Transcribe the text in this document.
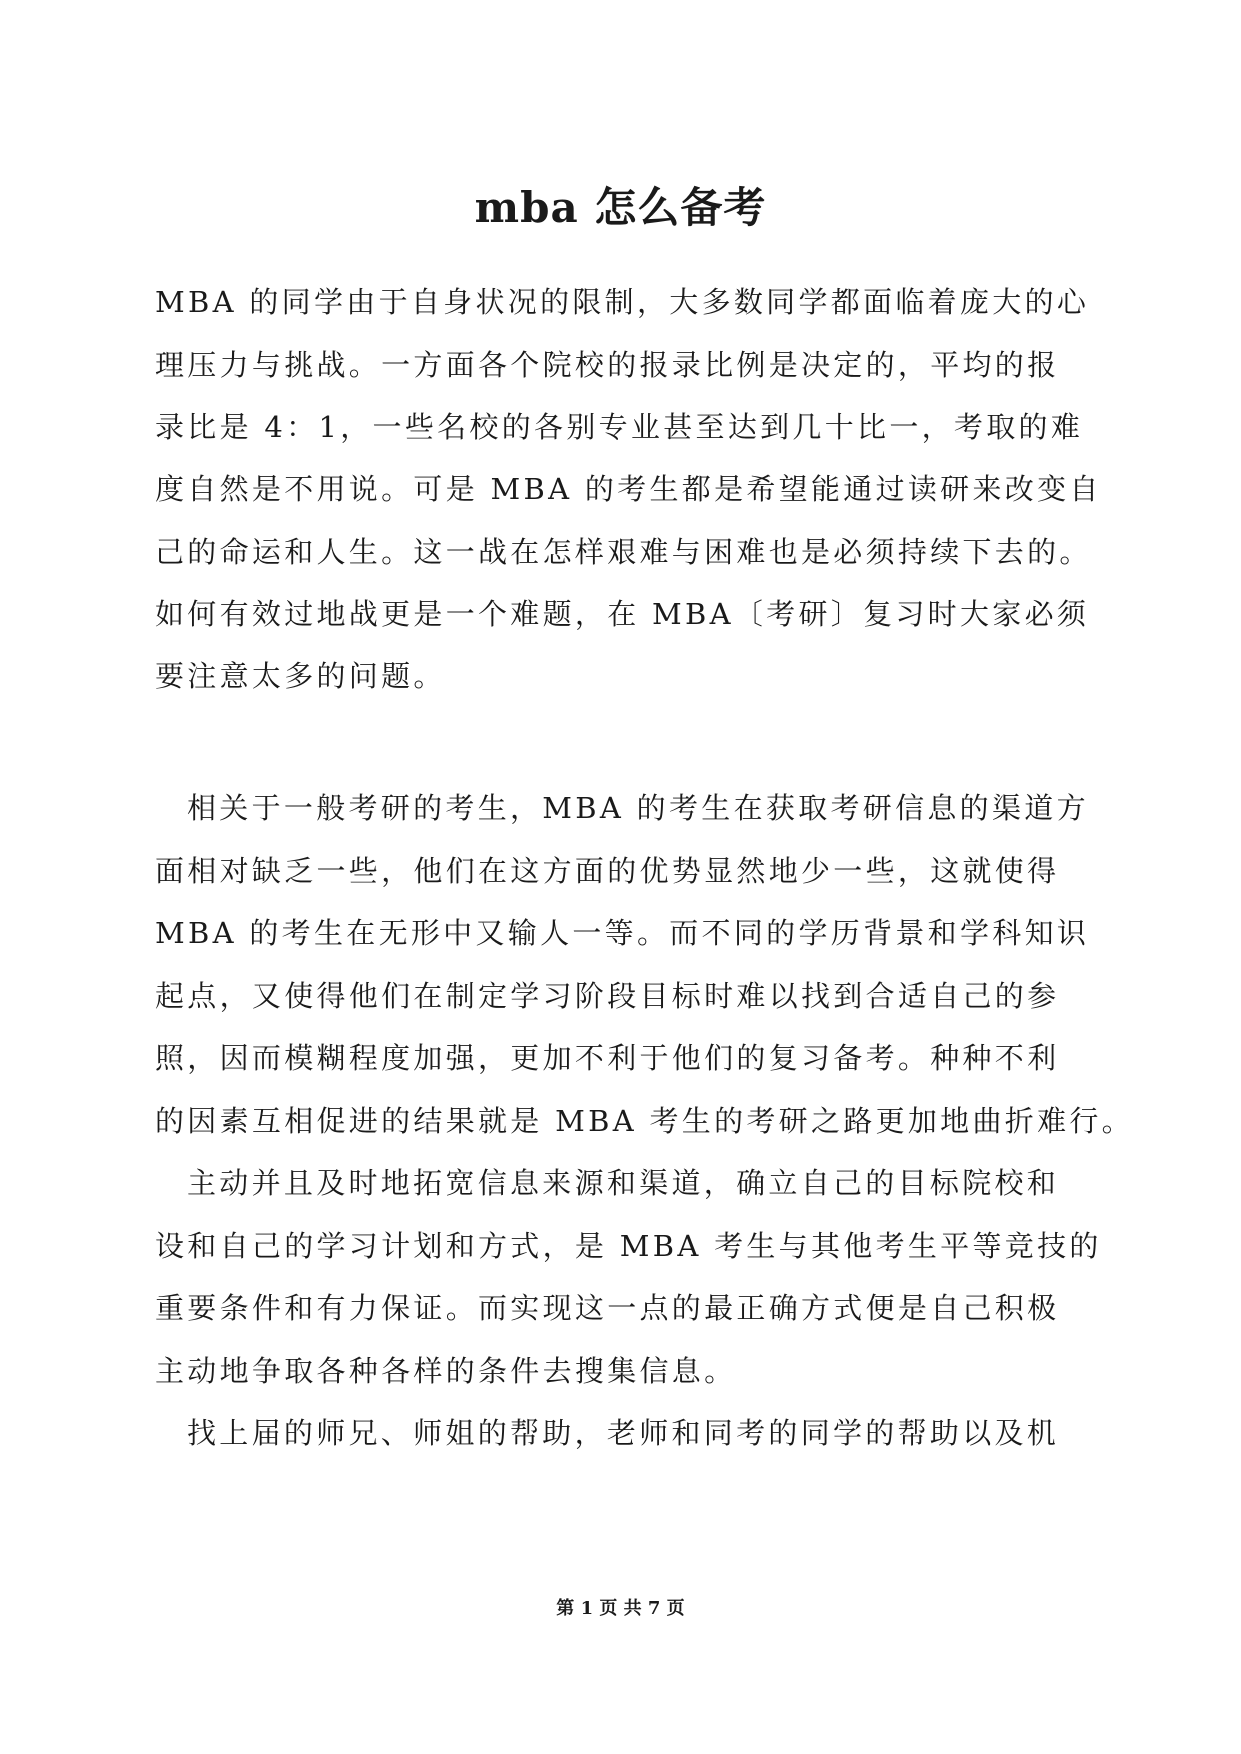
mba 怎么备考
MBA 的同学由于自身状况的限制，大多数同学都面临着庞大的心
理压力与挑战。一方面各个院校的报录比例是决定的，平均的报
录比是 4：1，一些名校的各别专业甚至达到几十比一，考取的难
度自然是不用说。可是 MBA 的考生都是希望能通过读研来改变自
己的命运和人生。这一战在怎样艰难与困难也是必须持续下去的。
如何有效过地战更是一个难题，在 MBA〔考研〕复习时大家必须
要注意太多的问题。
相关于一般考研的考生，MBA 的考生在获取考研信息的渠道方
面相对缺乏一些，他们在这方面的优势显然地少一些，这就使得
MBA 的考生在无形中又输人一等。而不同的学历背景和学科知识
起点，又使得他们在制定学习阶段目标时难以找到合适自己的参
照，因而模糊程度加强，更加不利于他们的复习备考。种种不利
的因素互相促进的结果就是 MBA 考生的考研之路更加地曲折难行。
主动并且及时地拓宽信息来源和渠道，确立自己的目标院校和
设和自己的学习计划和方式，是 MBA 考生与其他考生平等竞技的
重要条件和有力保证。而实现这一点的最正确方式便是自己积极
主动地争取各种各样的条件去搜集信息。
找上届的师兄、师姐的帮助，老师和同考的同学的帮助以及机
第 1 页 共 7 页
